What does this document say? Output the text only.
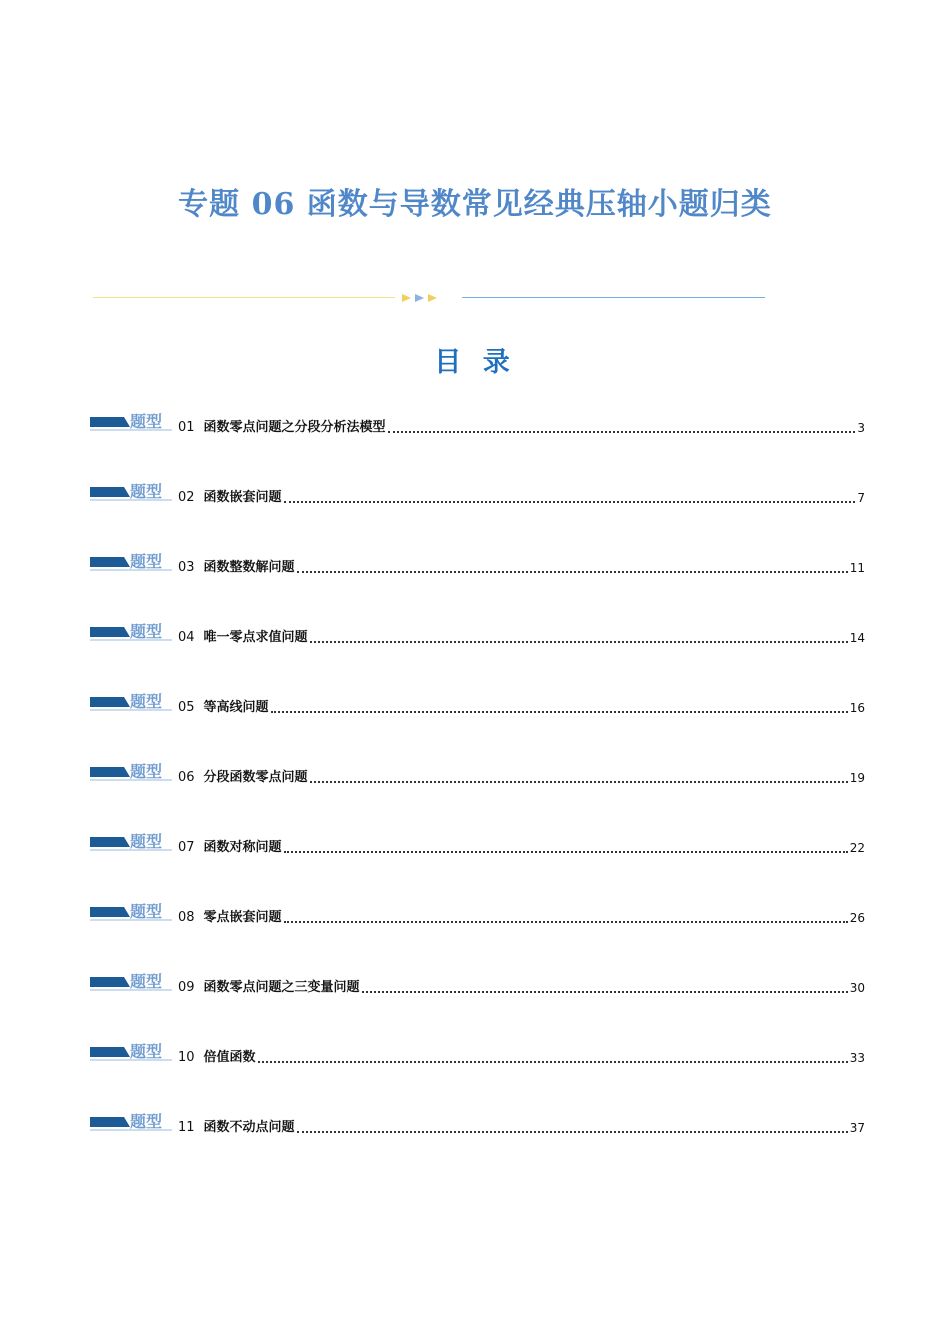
专题 06 函数与导数常见经典压轴小题归类
目 录
题型 01 函数零点问题之分段分析法模型	3
题型 02 函数嵌套问题	7
题型 03 函数整数解问题	11
题型 04 唯一零点求值问题	14
题型 05 等高线问题	16
题型 06 分段函数零点问题	19
题型 07 函数对称问题	22
题型 08 零点嵌套问题	26
题型 09 函数零点问题之三变量问题	30
题型 10 倍值函数	33
题型 11 函数不动点问题	37
